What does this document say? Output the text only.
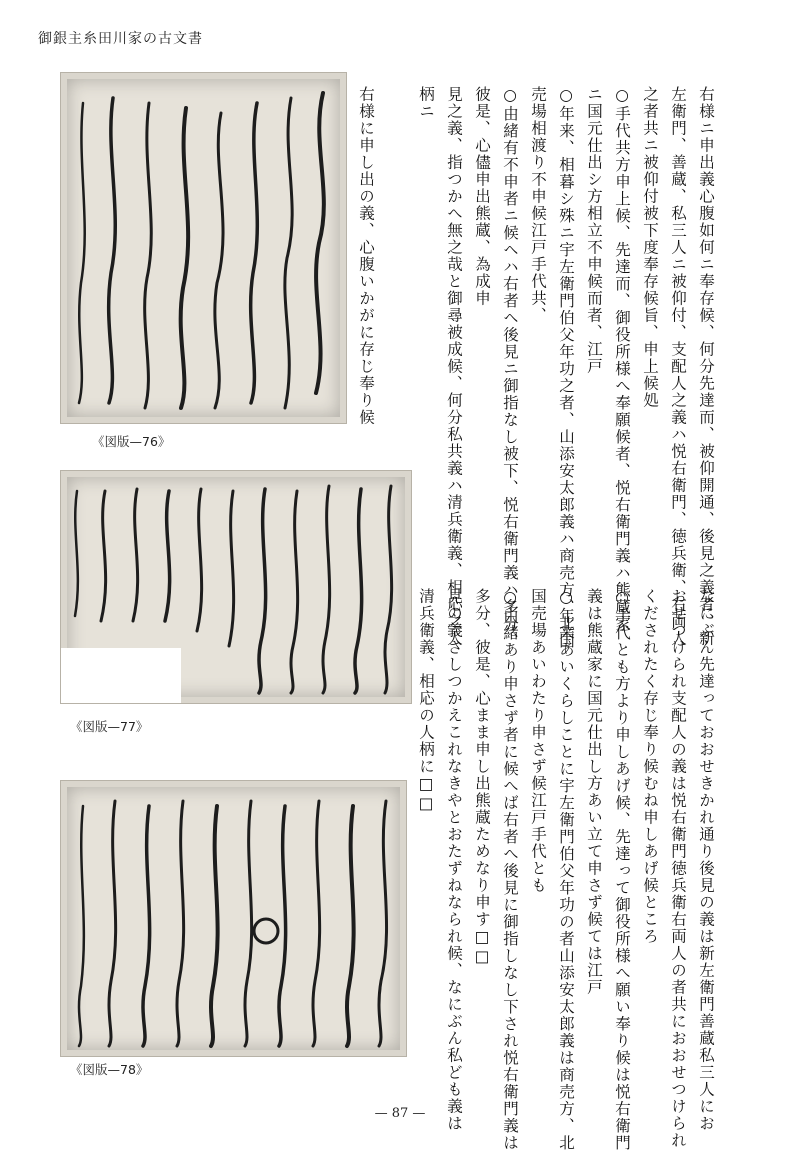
御銀主糸田川家の古文書
《図版—76》
《図版—77》
《図版—78》
右様ニ申出義心腹如何ニ奉存候、何分先達而、被仰開通、後見之義者、新
左衛門、善蔵、私三人ニ被仰付、支配人之義ハ悦右衛門、徳兵衛、右両人
之者共ニ被仰付被下度奉存候旨、申上候処
○手代共方申上候、先達而、御役所様へ奉願候者、悦右衛門義ハ熊蔵家
ニ国元仕出シ方相立不申候而者、江戸
○年来、相暮シ殊ニ宇左衛門伯父年功之者、山添安太郎義ハ商売方、北国
売場相渡り不申候江戸手代共、
○由緒有不申者ニ候ヘハ右者ヘ後見ニ御指なし被下、悦右衛門義ハ多分、
彼是、心儘申出熊蔵、為成申
見之義、指つかへ無之哉と御尋被成候、何分私共義ハ清兵衛義、相応之人
柄ニ
右様に申し出の義、心腹いかがに存じ奉り候
なにぶん先達っておおせきかれ通り後見の義は新左衛門善蔵私三人にお
おせつけられ支配人の義は悦右衛門徳兵衛右両人の者共におおせつけられ
くだされたく存じ奉り候むね申しあげ候ところ
○手代とも方より申しあげ候、先達って御役所様へ願い奉り候は悦右衛門
義は熊蔵家に国元仕出し方あい立て申さず候ては江戸
○年来あいくらしことに宇左衛門伯父年功の者山添安太郎義は商売方、北
国売場あいわたり申さず候江戸手代とも
○由緒あり申さず者に候へば右者へ後見に御指しなし下され悦右衛門義は
多分、彼是、心まま申し出熊蔵ためなり申す□□
見の義さしつかえこれなきやとおたずねなられ候、なにぶん私ども義は
清兵衛義、相応の人柄に□□
— 87 —
